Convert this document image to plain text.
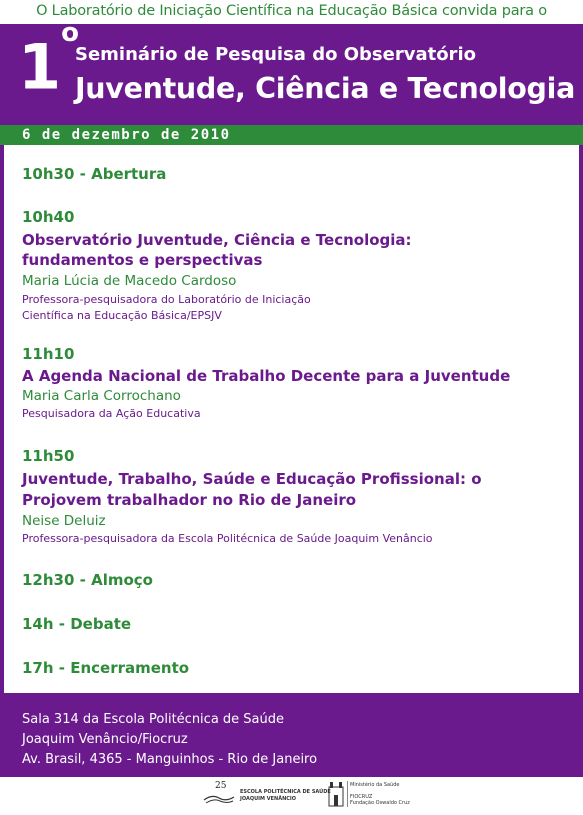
O Laboratório de Iniciação Científica na Educação Básica convida para o
1 $^o$
Seminário de Pesquisa do Observatório
Juventude, Ciência e Tecnologia
6 de dezembro de 2010
10h30 - Abertura
10h40
Observatório Juventude, Ciência e Tecnologia:
fundamentos e perspectivas
Maria Lúcia de Macedo Cardoso
Professora-pesquisadora do Laboratório de Iniciação
Científica na Educação Básica/EPSJV
11h10
A Agenda Nacional de Trabalho Decente para a Juventude
Maria Carla Corrochano
Pesquisadora da Ação Educativa
11h50
Juventude, Trabalho, Saúde e Educação Profissional: o
Projovem trabalhador no Rio de Janeiro
Neise Deluiz
Professora-pesquisadora da Escola Politécnica de Saúde Joaquim Venâncio
12h30 - Almoço
14h - Debate
17h - Encerramento
Sala 314 da Escola Politécnica de Saúde
Joaquim Venâncio/Fiocruz
Av. Brasil, 4365 - Manguinhos - Rio de Janeiro
25
ESCOLA POLITÉCNICA DE SAÚDE
JOAQUIM VENÂNCIO
Ministério da Saúde
FIOCRUZ
Fundação Oswaldo Cruz
